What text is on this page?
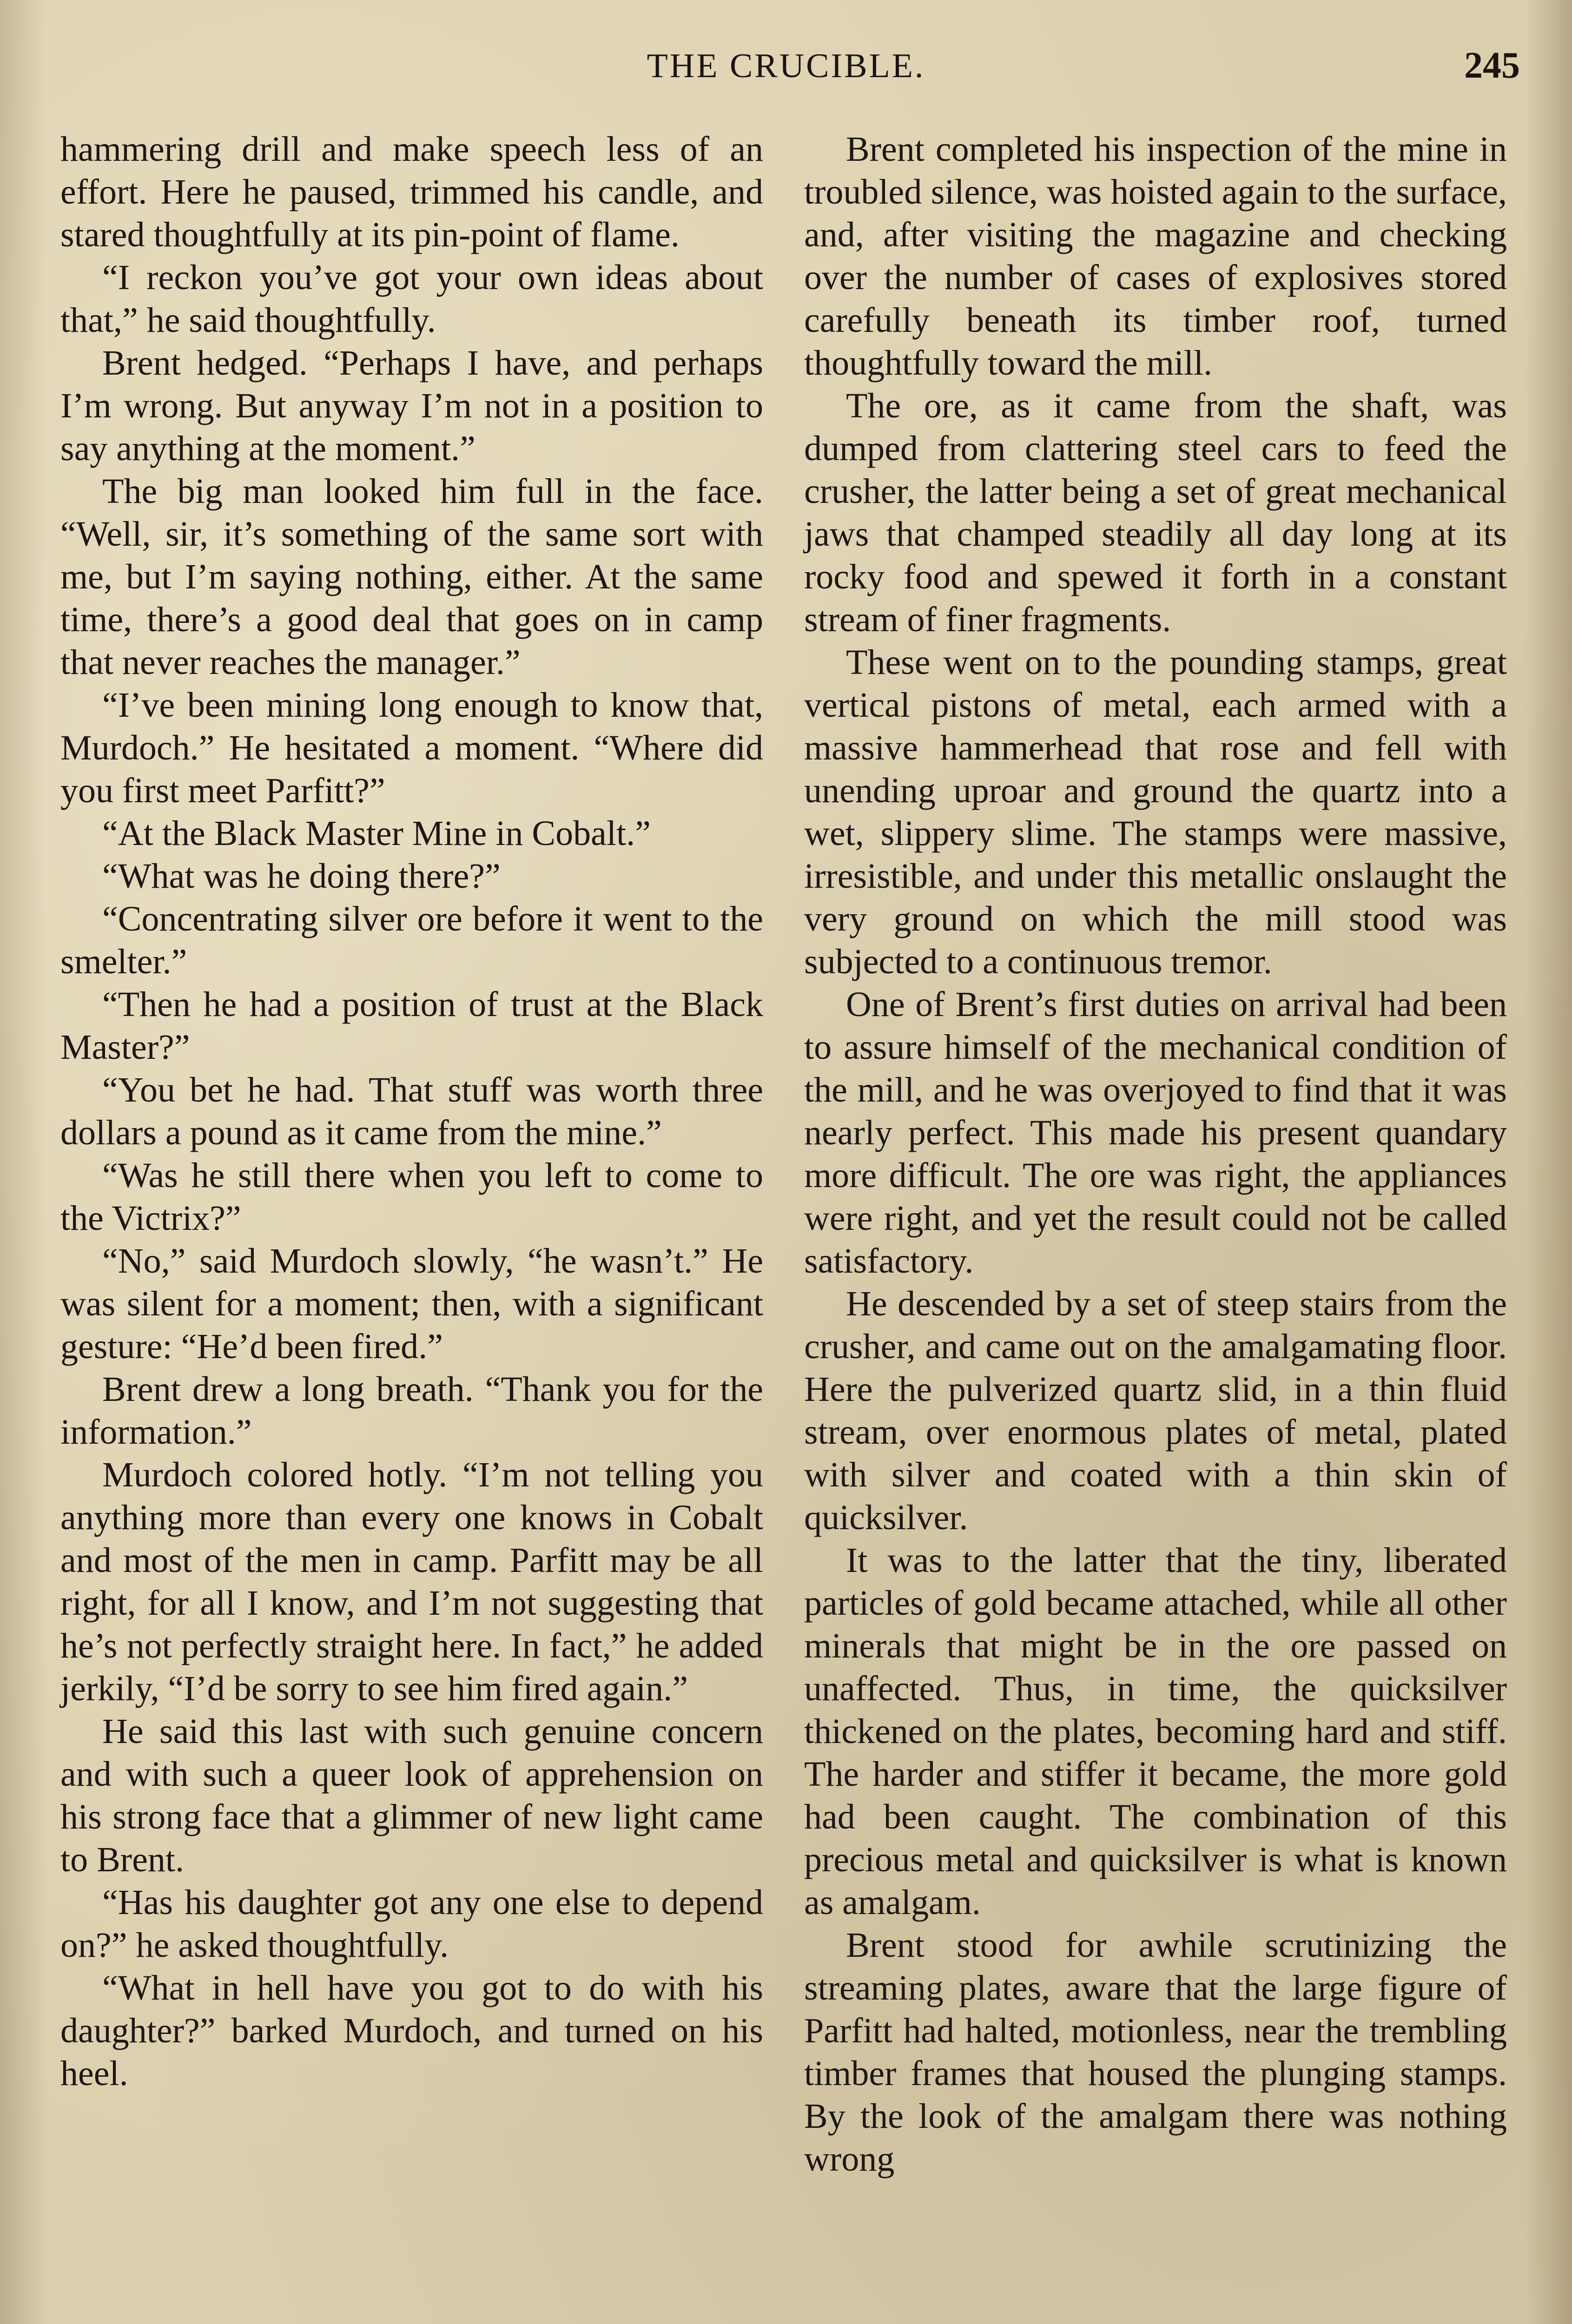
THE CRUCIBLE.	245

hammering drill and make speech less of an effort. Here he paused, trimmed his candle, and stared thoughtfully at its pin-point of flame.

“I reckon you’ve got your own ideas about that,” he said thoughtfully.

Brent hedged. “Perhaps I have, and perhaps I’m wrong. But anyway I’m not in a position to say anything at the moment.”

The big man looked him full in the face. “Well, sir, it’s something of the same sort with me, but I’m saying nothing, either. At the same time, there’s a good deal that goes on in camp that never reaches the manager.”

“I’ve been mining long enough to know that, Murdoch.” He hesitated a moment. “Where did you first meet Parfitt?”

“At the Black Master Mine in Cobalt.”

“What was he doing there?”

“Concentrating silver ore before it went to the smelter.”

“Then he had a position of trust at the Black Master?”

“You bet he had. That stuff was worth three dollars a pound as it came from the mine.”

“Was he still there when you left to come to the Victrix?”

“No,” said Murdoch slowly, “he wasn’t.” He was silent for a moment; then, with a significant gesture: “He’d been fired.”

Brent drew a long breath. “Thank you for the information.”

Murdoch colored hotly. “I’m not telling you anything more than every one knows in Cobalt and most of the men in camp. Parfitt may be all right, for all I know, and I’m not suggesting that he’s not perfectly straight here. In fact,” he added jerkily, “I’d be sorry to see him fired again.”

He said this last with such genuine concern and with such a queer look of apprehension on his strong face that a glimmer of new light came to Brent.

“Has his daughter got any one else to depend on?” he asked thoughtfully.

“What in hell have you got to do with his daughter?” barked Murdoch, and turned on his heel.

Brent completed his inspection of the mine in troubled silence, was hoisted again to the surface, and, after visiting the magazine and checking over the number of cases of explosives stored carefully beneath its timber roof, turned thoughtfully toward the mill.

The ore, as it came from the shaft, was dumped from clattering steel cars to feed the crusher, the latter being a set of great mechanical jaws that champed steadily all day long at its rocky food and spewed it forth in a constant stream of finer fragments.

These went on to the pounding stamps, great vertical pistons of metal, each armed with a massive hammerhead that rose and fell with unending uproar and ground the quartz into a wet, slippery slime. The stamps were massive, irresistible, and under this metallic onslaught the very ground on which the mill stood was subjected to a continuous tremor.

One of Brent’s first duties on arrival had been to assure himself of the mechanical condition of the mill, and he was overjoyed to find that it was nearly perfect. This made his present quandary more difficult. The ore was right, the appliances were right, and yet the result could not be called satisfactory.

He descended by a set of steep stairs from the crusher, and came out on the amalgamating floor. Here the pulverized quartz slid, in a thin fluid stream, over enormous plates of metal, plated with silver and coated with a thin skin of quicksilver.

It was to the latter that the tiny, liberated particles of gold became attached, while all other minerals that might be in the ore passed on unaffected. Thus, in time, the quicksilver thickened on the plates, becoming hard and stiff. The harder and stiffer it became, the more gold had been caught. The combination of this precious metal and quicksilver is what is known as amalgam.

Brent stood for awhile scrutinizing the streaming plates, aware that the large figure of Parfitt had halted, motionless, near the trembling timber frames that housed the plunging stamps. By the look of the amalgam there was nothing wrong
